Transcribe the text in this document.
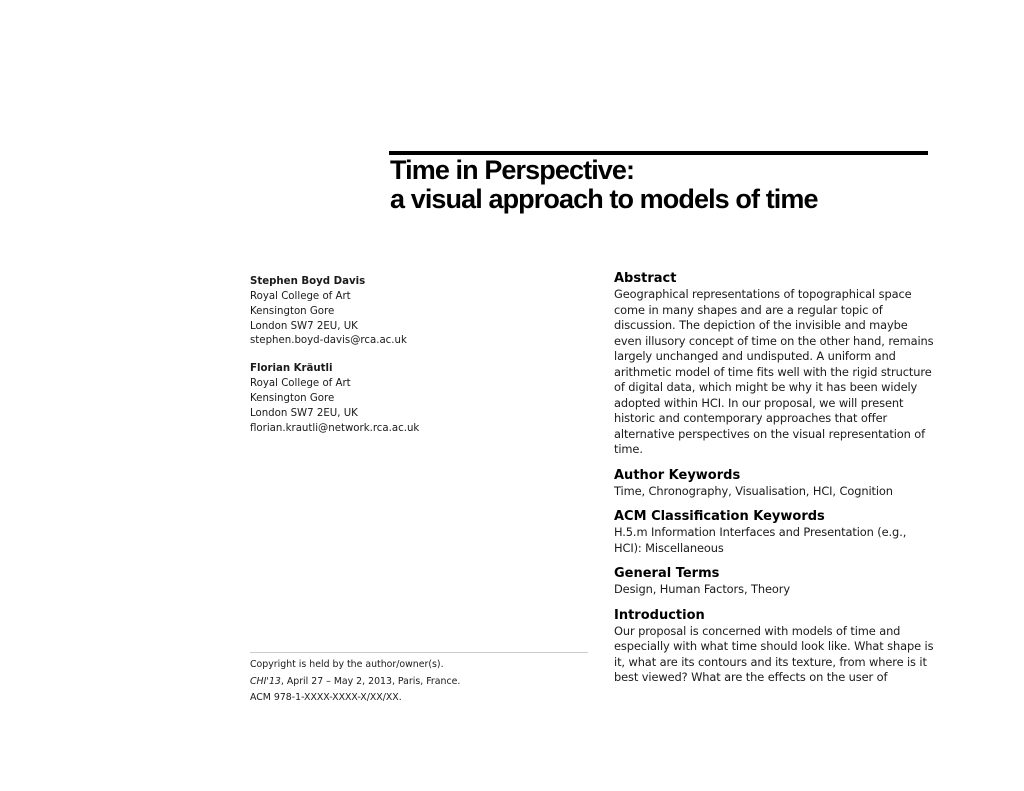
Time in Perspective:
a visual approach to models of time
Stephen Boyd Davis
Royal College of Art
Kensington Gore
London SW7 2EU, UK
stephen.boyd-davis@rca.ac.uk
Florian Kräutli
Royal College of Art
Kensington Gore
London SW7 2EU, UK
florian.krautli@network.rca.ac.uk
Copyright is held by the author/owner(s).
CHI'13, April 27 – May 2, 2013, Paris, France.
ACM 978-1-XXXX-XXXX-X/XX/XX.
Abstract

Geographical representations of topographical space come in many shapes and are a regular topic of discussion. The depiction of the invisible and maybe even illusory concept of time on the other hand, remains largely unchanged and undisputed. A uniform and arithmetic model of time fits well with the rigid structure of digital data, which might be why it has been widely adopted within HCI. In our proposal, we will present historic and contemporary approaches that offer alternative perspectives on the visual representation of time.

Author Keywords

Time, Chronography, Visualisation, HCI, Cognition

ACM Classification Keywords

H.5.m Information Interfaces and Presentation (e.g., HCI): Miscellaneous

General Terms

Design, Human Factors, Theory

Introduction

Our proposal is concerned with models of time and especially with what time should look like. What shape is it, what are its contours and its texture, from where is it best viewed? What are the effects on the user of
